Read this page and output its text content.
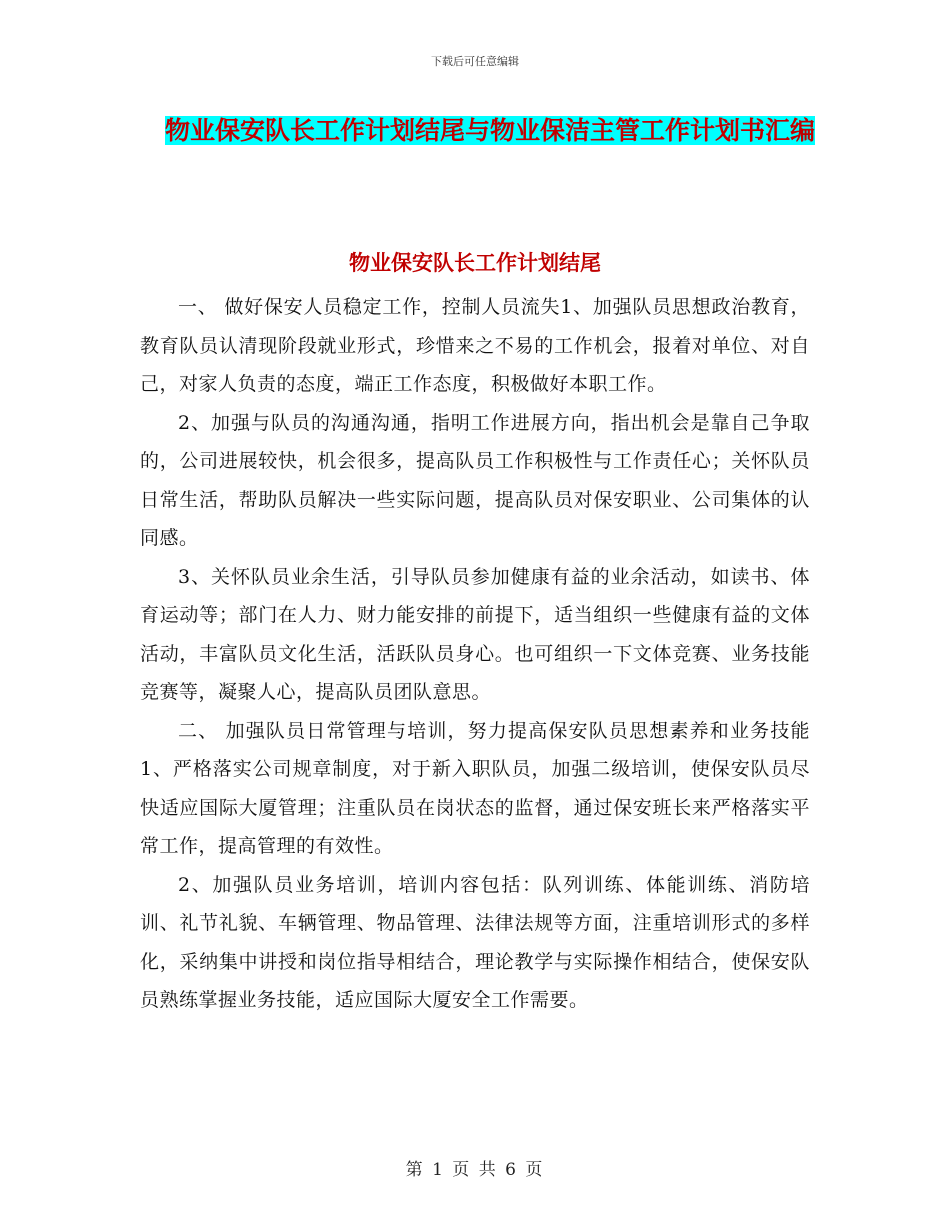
下载后可任意编辑
物业保安队长工作计划结尾与物业保洁主管工作计划书汇编
物业保安队长工作计划结尾

一、 做好保安人员稳定工作，控制人员流失1、加强队员思想政治教育，教育队员认清现阶段就业形式，珍惜来之不易的工作机会，报着对单位、对自己，对家人负责的态度，端正工作态度，积极做好本职工作。

2、加强与队员的沟通沟通，指明工作进展方向，指出机会是靠自己争取的，公司进展较快，机会很多，提高队员工作积极性与工作责任心；关怀队员日常生活，帮助队员解决一些实际问题，提高队员对保安职业、公司集体的认同感。

3、关怀队员业余生活，引导队员参加健康有益的业余活动，如读书、体育运动等；部门在人力、财力能安排的前提下，适当组织一些健康有益的文体活动，丰富队员文化生活，活跃队员身心。也可组织一下文体竞赛、业务技能竞赛等，凝聚人心，提高队员团队意思。

二、 加强队员日常管理与培训，努力提高保安队员思想素养和业务技能 1、严格落实公司规章制度，对于新入职队员，加强二级培训，使保安队员尽快适应国际大厦管理；注重队员在岗状态的监督，通过保安班长来严格落实平常工作，提高管理的有效性。

2、加强队员业务培训，培训内容包括：队列训练、体能训练、消防培训、礼节礼貌、车辆管理、物品管理、法律法规等方面，注重培训形式的多样化，采纳集中讲授和岗位指导相结合，理论教学与实际操作相结合，使保安队员熟练掌握业务技能，适应国际大厦安全工作需要。

第 1 页 共 6 页
